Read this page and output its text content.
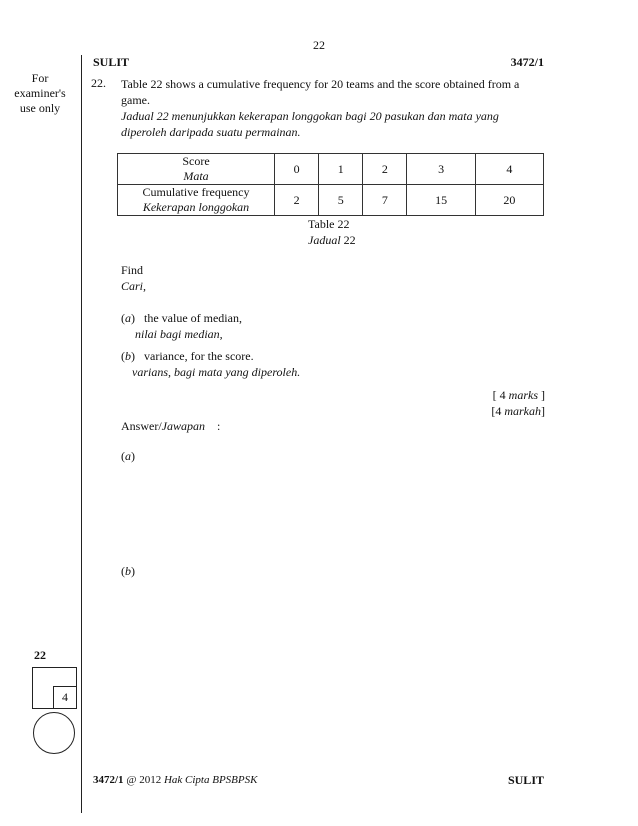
22
SULIT	3472/1
For
examiner's
use only
22. Table 22 shows a cumulative frequency for 20 teams and the score obtained from a
game.
Jadual 22 menunjukkan kekerapan longgokan bagi 20 pasukan dan mata yang
diperoleh daripada suatu permainan.
Score
Mata	0	1	2	3	4

Cumulative frequency
Kekerapan longgokan	2	5	7	15	20
Table 22
Jadual 22
Find
Cari,
(a)   the value of median,
nilai bagi median,
(b)   variance, for the score.
varians, bagi mata yang diperoleh.
[ 4 marks ]
[4 markah]
Answer/Jawapan :
(a)
(b)
22
4
3472/1 @ 2012 Hak Cipta BPSBPSK	SULIT
